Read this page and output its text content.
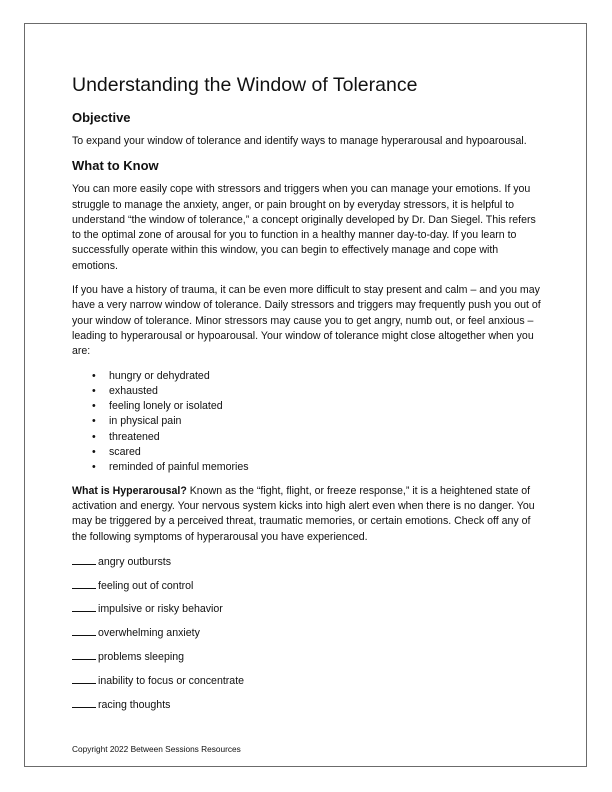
Understanding the Window of Tolerance
Objective

To expand your window of tolerance and identify ways to manage hyperarousal and hypoarousal.

What to Know

You can more easily cope with stressors and triggers when you can manage your emotions. If you struggle to manage the anxiety, anger, or pain brought on by everyday stressors, it is helpful to understand “the window of tolerance,” a concept originally developed by Dr. Dan Siegel. This refers to the optimal zone of arousal for you to function in a healthy manner day-to-day. If you learn to successfully operate within this window, you can begin to effectively manage and cope with emotions.

If you have a history of trauma, it can be even more difficult to stay present and calm – and you may have a very narrow window of tolerance. Daily stressors and triggers may frequently push you out of your window of tolerance. Minor stressors may cause you to get angry, numb out, or feel anxious – leading to hyperarousal or hypoarousal. Your window of tolerance might close altogether when you are:

• hungry or dehydrated
• exhausted
• feeling lonely or isolated
• in physical pain
• threatened
• scared
• reminded of painful memories

What is Hyperarousal? Known as the “fight, flight, or freeze response,” it is a heightened state of activation and energy. Your nervous system kicks into high alert even when there is no danger. You may be triggered by a perceived threat, traumatic memories, or certain emotions. Check off any of the following symptoms of hyperarousal you have experienced.

angry outbursts
feeling out of control
impulsive or risky behavior
overwhelming anxiety
problems sleeping
inability to focus or concentrate
racing thoughts
Copyright 2022 Between Sessions Resources
